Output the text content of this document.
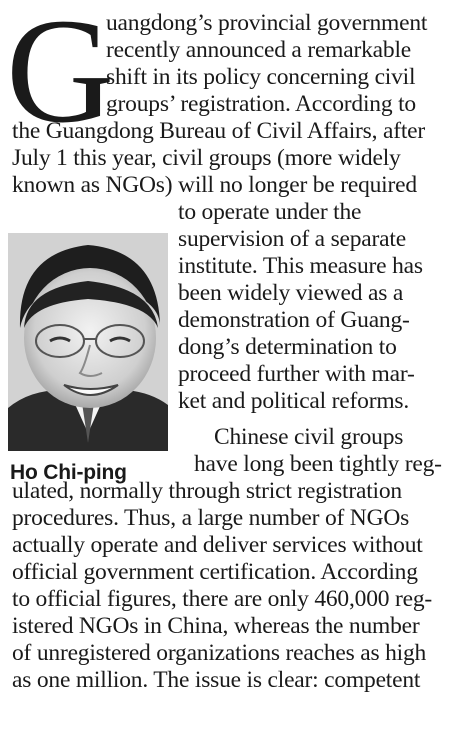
G
uangdong’s provincial government
recently announced a remarkable
shift in its policy concerning civil
groups’ registration. According to
the Guangdong Bureau of Civil Affairs, after
July 1 this year, civil groups (more widely
known as NGOs) will no longer be required
to operate under the
supervision of a separate
institute. This measure has
been widely viewed as a
demonstration of Guang-
dong’s determination to
proceed further with mar-
ket and political reforms.
Chinese civil groups
have long been tightly reg-
ulated, normally through strict registration
procedures. Thus, a large number of NGOs
actually operate and deliver services without
official government certification. According
to official figures, there are only 460,000 reg-
istered NGOs in China, whereas the number
of unregistered organizations reaches as high
as one million. The issue is clear: competent
Ho Chi-ping
